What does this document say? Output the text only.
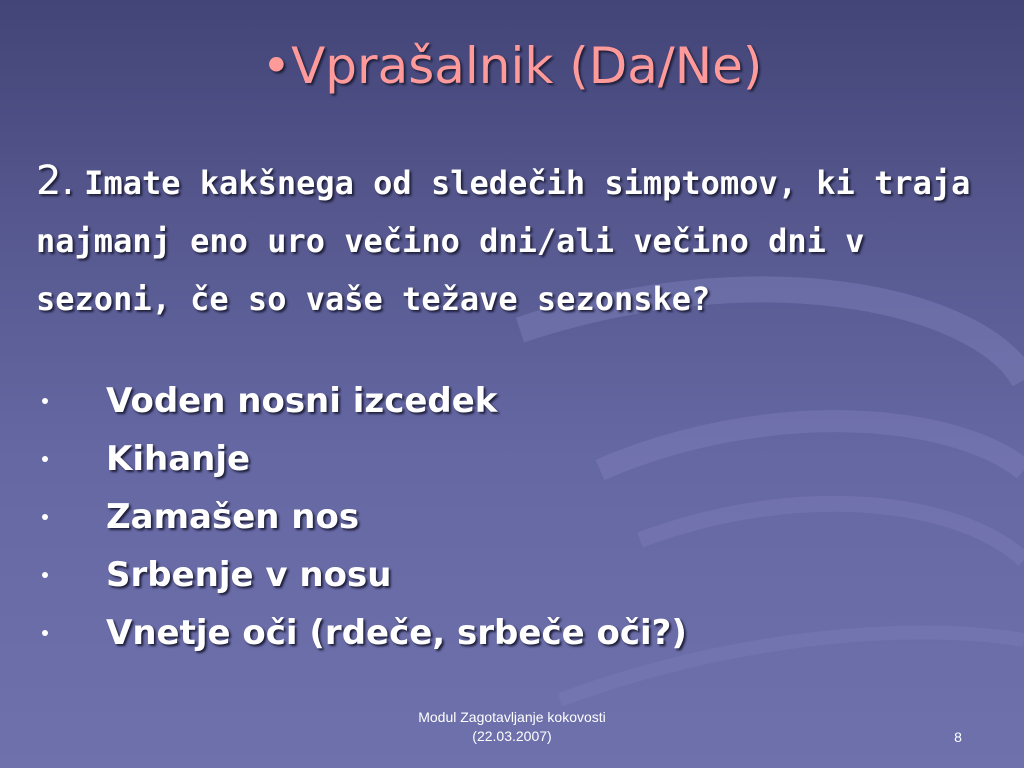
•Vprašalnik (Da/Ne)
2. Imate kakšnega od sledečih simptomov, ki traja najmanj eno uro večino dni/ali večino dni v sezoni, če so vaše težave sezonske?
Voden nosni izcedek
Kihanje
Zamašen nos
Srbenje v nosu
Vnetje oči (rdeče, srbeče oči?)
Modul Zagotavljanje kokovosti
(22.03.2007)	8
